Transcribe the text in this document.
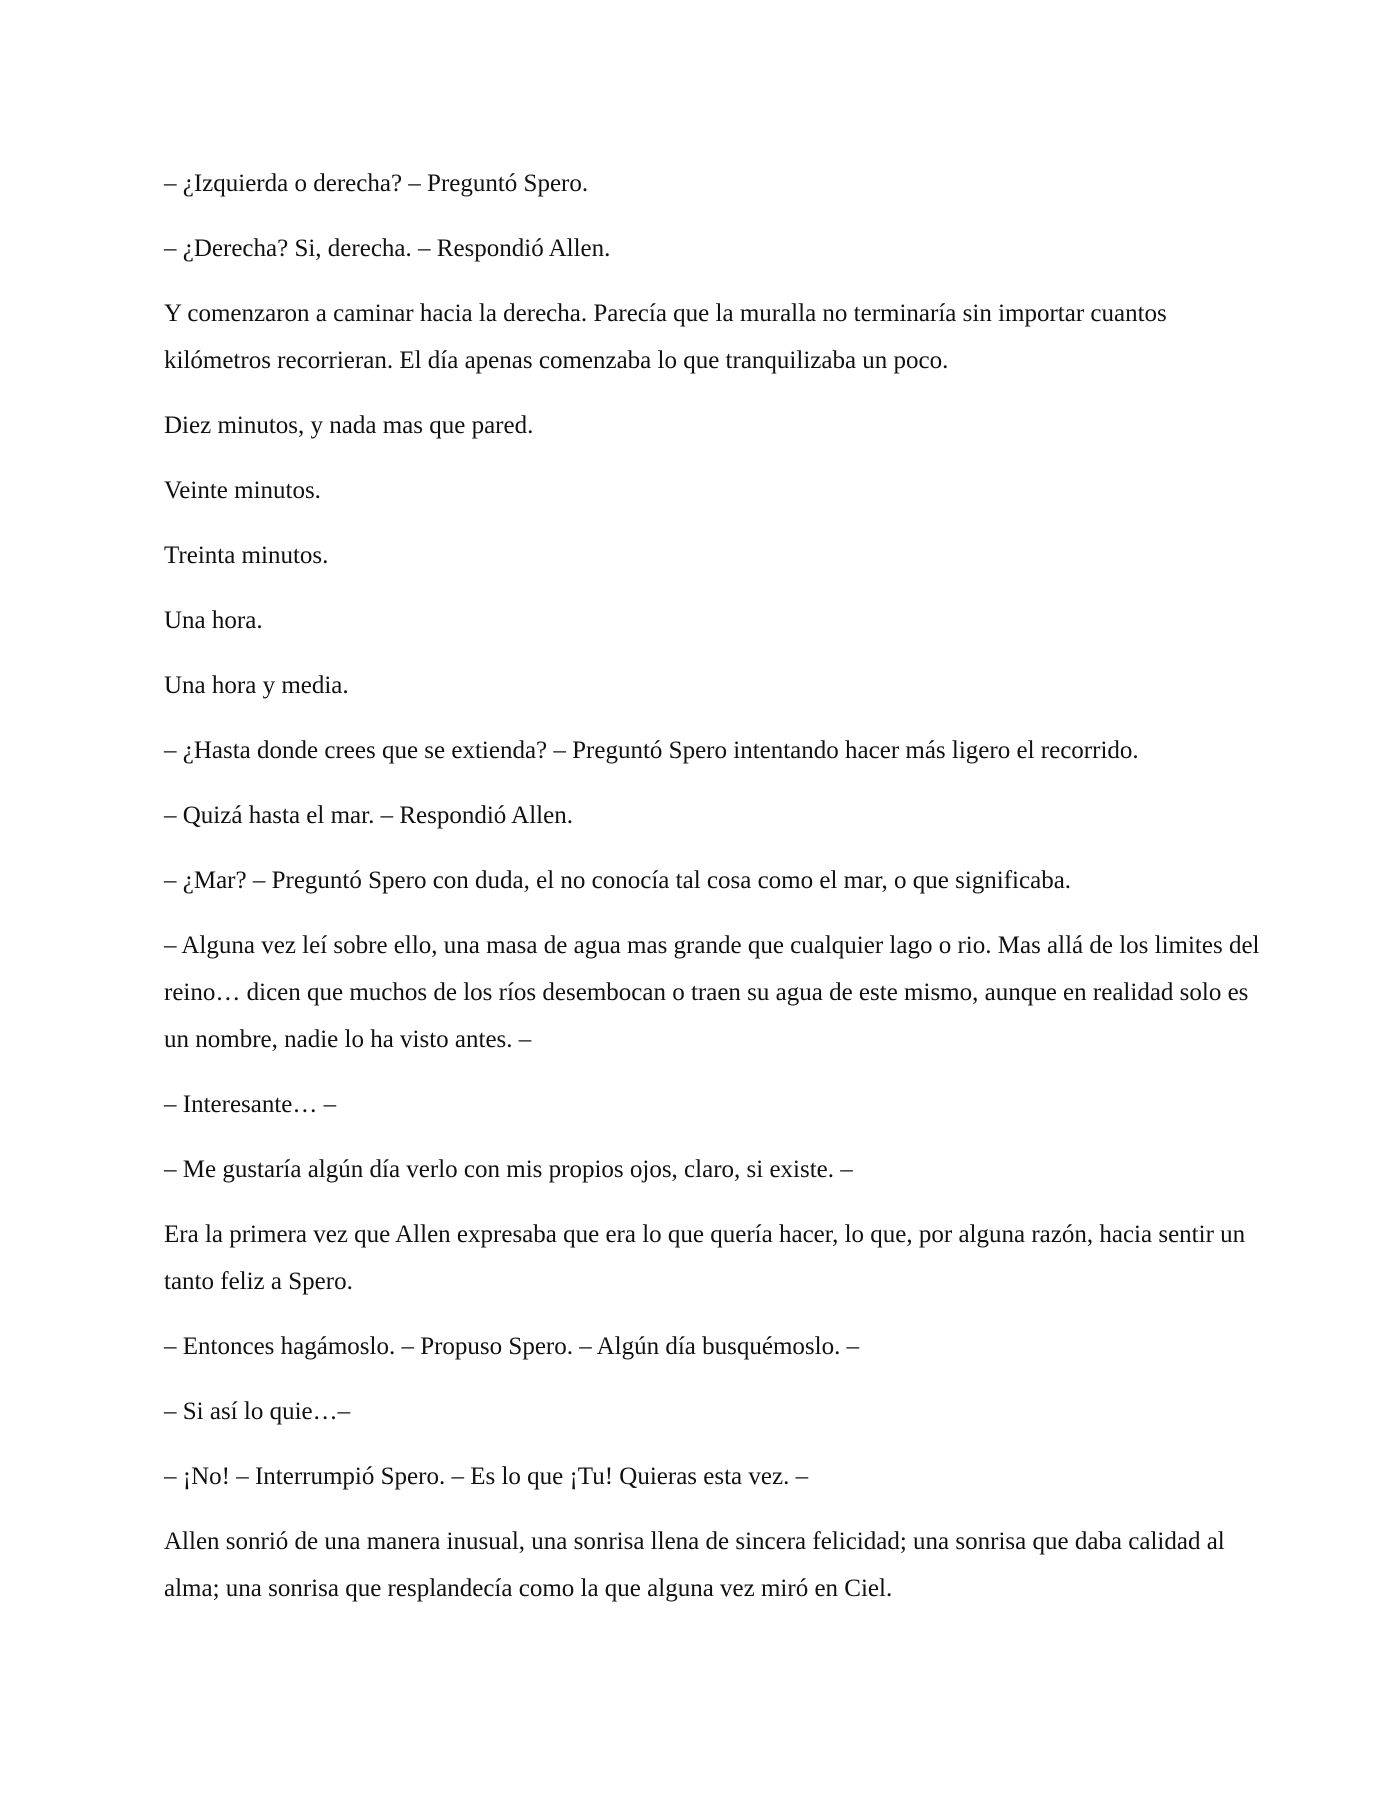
– ¿Izquierda o derecha? – Preguntó Spero.

– ¿Derecha? Si, derecha. – Respondió Allen.

Y comenzaron a caminar hacia la derecha. Parecía que la muralla no terminaría sin importar cuantos kilómetros recorrieran. El día apenas comenzaba lo que tranquilizaba un poco.

Diez minutos, y nada mas que pared.

Veinte minutos.

Treinta minutos.

Una hora.

Una hora y media.

– ¿Hasta donde crees que se extienda? – Preguntó Spero intentando hacer más ligero el recorrido.

– Quizá hasta el mar. – Respondió Allen.

– ¿Mar? – Preguntó Spero con duda, el no conocía tal cosa como el mar, o que significaba.

– Alguna vez leí sobre ello, una masa de agua mas grande que cualquier lago o rio. Mas allá de los limites del reino… dicen que muchos de los ríos desembocan o traen su agua de este mismo, aunque en realidad solo es un nombre, nadie lo ha visto antes. –

– Interesante… –

– Me gustaría algún día verlo con mis propios ojos, claro, si existe. –

Era la primera vez que Allen expresaba que era lo que quería hacer, lo que, por alguna razón, hacia sentir un tanto feliz a Spero.

– Entonces hagámoslo. – Propuso Spero. – Algún día busquémoslo. –

– Si así lo quie…–

– ¡No! – Interrumpió Spero. – Es lo que ¡Tu! Quieras esta vez. –

Allen sonrió de una manera inusual, una sonrisa llena de sincera felicidad; una sonrisa que daba calidad al alma; una sonrisa que resplandecía como la que alguna vez miró en Ciel.
